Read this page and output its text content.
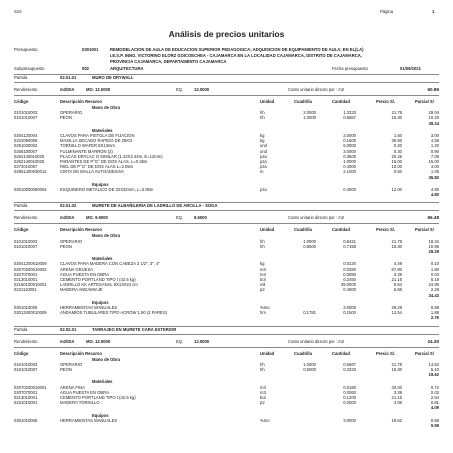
S10	Página	1
Análisis de precios unitarios
Presupuesto	0301001	REMODELACION DE AULA DE EDUCACION SUPERIOR PEDAGOGICA; ADQUISICION DE EQUIPAMIENTO DE AULA; EN EL(LA)
I.E.S.P. INNO. VICTORINO ELORZ GOICOECHEA - CAJAMARCA EN LA LOCALIDAD CAJAMARCA, DISTRITO DE CAJAMARCA,
PROVINCIA CAJAMARCA, DEPARTAMENTO CAJAMARCA
Subpresupuesto	002	ARQUITECTURA	Fecha presupuesto	01/09/2021
Partida	02.01.01	MURO DE DRYWALL
Rendimiento	m2/DIA	MO. 12.0000	EQ.	12.0000	Costo unitario directo por : m2	60.86
Código	Descripción Recurso	Unidad	Cuadrilla	Cantidad	Precio S/.	Parcial S/
Mano de Obra
0101010003	OPERARIO	hh	2.0000	1.3333	21.78	29.04
0101010007	PEON	hh	1.0000	0.6667	15.30	10.20
39.24
Materiales
0204120004	CLAVOS PARA PISTOLA DE FIJACION	kg	2.0000	1.50	3.00
0222090005	MASILLA SECADO RAPIDO DE 25KG	kg	0.1500	30.50	4.58
0251030002	TORNILLO WAFER 8X13mm	und	6.0000	0.20	1.20
0256100007	FULMINANTE MARRON (2)	und	3.0000	0.30	0.90
0262140010025	PLACAS DRYLAC O SIMILAR (1.22X2.44m, E=12mm)	pza	0.3500	20.25	7.09
0262140010026	PARANTES DE P°G° DE DOS ALAS, L=0.35m	pza	1.0000	15.00	15.00
0272010087	RIEL DE P°G° DE DOS ALAS L=3.05m	pza	0.4000	10.00	4.00
02901400030012	CINTA DE MALLA AUTOADESIVA	m	2.1000	0.50	1.05
36.82
Equipos
03010000090004	ESQUINERO METALICO DE 32X32mm, L=3.05m	pza	0.4000	12.00	4.80
4.80
Partida	02.01.02	MURETE DE ALBAÑILERIA DE LADRILLO DE ARCILLA - SOGA
Rendimiento	m2/DIA	MO. 9.5000	EQ.	9.5000	Costo unitario directo por : m2	66.48
Código	Descripción Recurso	Unidad	Cuadrilla	Cantidad	Precio S/.	Parcial S/
Mano de Obra
0101010003	OPERARIO	hh	1.0000	0.8421	21.78	18.34
0101010007	PEON	hh	0.8500	0.7158	15.30	10.95
29.29
Materiales
02041200010009	CLAVOS PARA MADERA CON CABEZA 2 1/2", 3", 4"	kg	0.0220	4.49	0.10
02070200010002	ARENA GRUESA	m3	0.0280	67.80	1.90
0207070001	AGUA PUESTA EN OBRA	m3	0.0080	3.39	0.03
0213010001	CEMENTO PORTLAND TIPO I (42.5 kg)	bol	0.2450	21.15	5.18
02160100010001	LADRILLO KK ARTESANAL 8X13X24 cm	mil	39.0000	0.64	24.96
0231110001	MADERA ANDAMIAJE	p2	0.4000	5.66	2.26
34.43
Equipos
0301010006	HERRAMIENTAS MANUALES	%mo	3.0000	29.29	0.88
03013400010009	ANDAMIOS TUBULARES TIPO ACROW 1.90 (2 PARES)	hm	0.1781	0.1500	12.54	1.88
2.76
Partida	02.02.01	TARRAJEO EN MURETE CARA EXTERIOR
Rendimiento	m2/DIA	MO. 12.0000	EQ.	12.0000	Costo unitario directo por : m2	24.30
Código	Descripción Recurso	Unidad	Cuadrilla	Cantidad	Precio S/.	Parcial S/
Mano de Obra
0101010003	OPERARIO	hh	1.0000	0.6667	21.78	14.52
0101010007	PEON	hh	0.5000	0.3333	15.30	5.10
19.62
Materiales
02070200010001	ARENA FINA	m3	0.0180	40.00	0.72
0207070001	AGUA PUESTA EN OBRA	m3	0.0060	3.39	0.02
0213010001	CEMENTO PORTLAND TIPO I (42.5 kg)	bol	0.1200	21.15	2.54
0231010001	MADERA TORNILLO	p2	0.2000	4.06	0.81
4.09
Equipos
0301010006	HERRAMIENTAS MANUALES	%mo	3.0000	19.62	0.59
0.59
